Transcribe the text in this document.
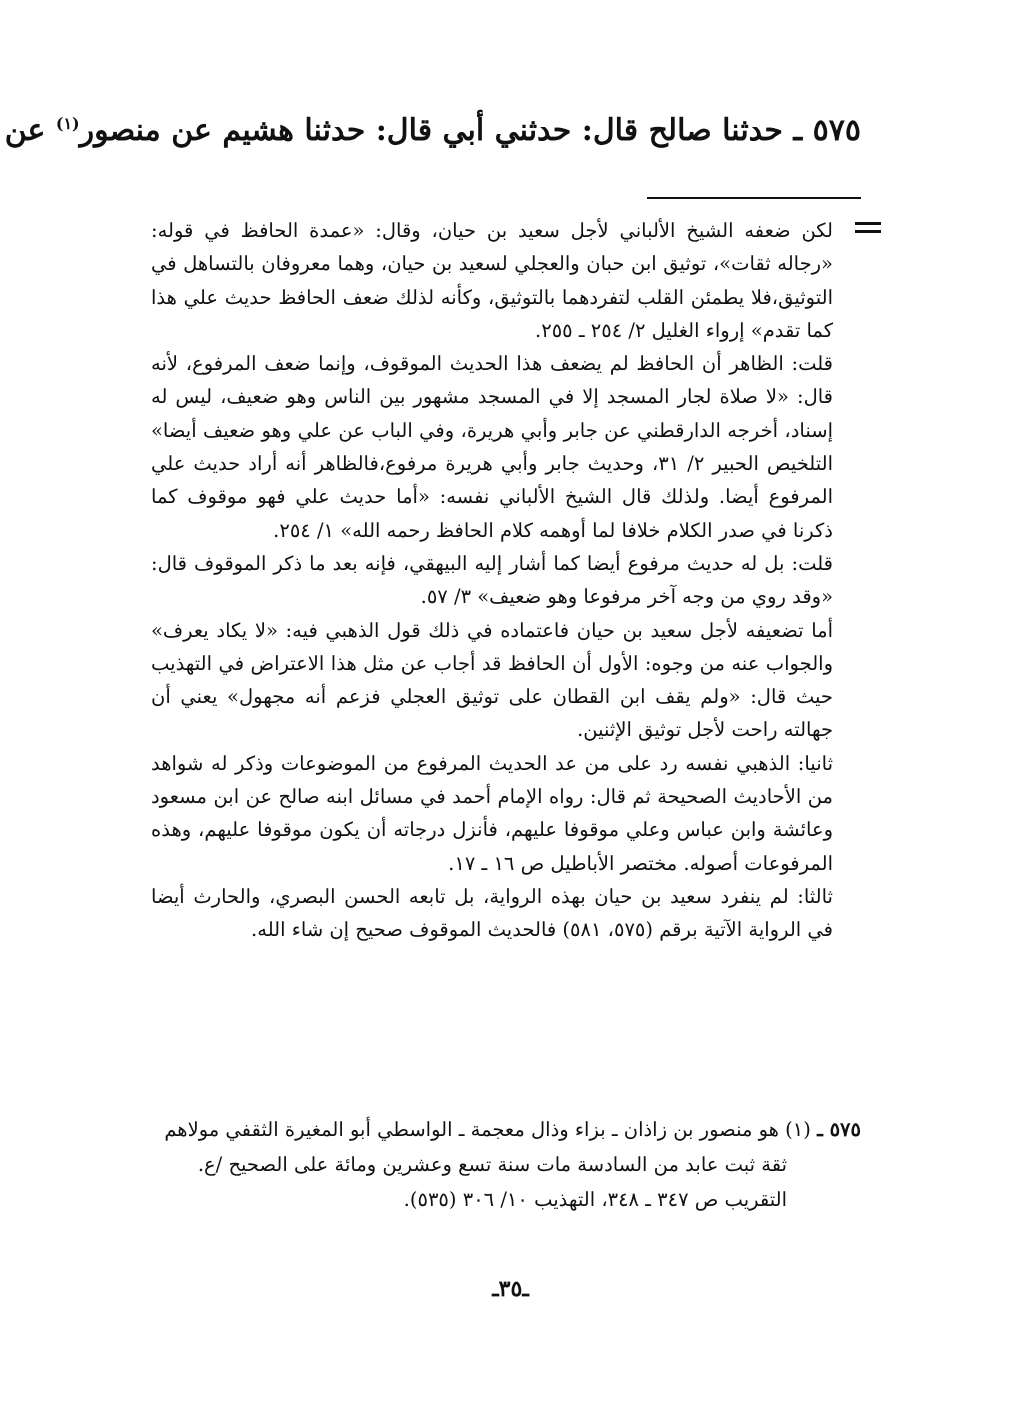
٥٧٥ ـ حدثنا صالح قال: حدثني أبي قال: حدثنا هشيم عن منصور$^{(١)}$ عن

لكن ضعفه الشيخ الألباني لأجل سعيد بن حيان، وقال: «عمدة الحافظ في قوله: «رجاله ثقات»، توثيق ابن حبان والعجلي لسعيد بن حيان، وهما معروفان بالتساهل في التوثيق،فلا يطمئن القلب لتفردهما بالتوثيق، وكأنه لذلك ضعف الحافظ حديث علي هذا كما تقدم» إرواء الغليل ٢/ ٢٥٤ ـ ٢٥٥.

قلت: الظاهر أن الحافظ لم يضعف هذا الحديث الموقوف، وإنما ضعف المرفوع، لأنه قال: «لا صلاة لجار المسجد إلا في المسجد مشهور بين الناس وهو ضعيف، ليس له إسناد، أخرجه الدارقطني عن جابر وأبي هريرة، وفي الباب عن علي وهو ضعيف أيضا» التلخيص الحبير ٢/ ٣١، وحديث جابر وأبي هريرة مرفوع،فالظاهر أنه أراد حديث علي المرفوع أيضا. ولذلك قال الشيخ الألباني نفسه: «أما حديث علي فهو موقوف كما ذكرنا في صدر الكلام خلافا لما أوهمه كلام الحافظ رحمه الله» ١/ ٢٥٤.

قلت: بل له حديث مرفوع أيضا كما أشار إليه البيهقي، فإنه بعد ما ذكر الموقوف قال: «وقد روي من وجه آخر مرفوعا وهو ضعيف» ٣/ ٥٧.

أما تضعيفه لأجل سعيد بن حيان فاعتماده في ذلك قول الذهبي فيه: «لا يكاد يعرف» والجواب عنه من وجوه: الأول أن الحافظ قد أجاب عن مثل هذا الاعتراض في التهذيب حيث قال: «ولم يقف ابن القطان على توثيق العجلي فزعم أنه مجهول» يعني أن جهالته راحت لأجل توثيق الإثنين.

ثانيا: الذهبي نفسه رد على من عد الحديث المرفوع من الموضوعات وذكر له شواهد من الأحاديث الصحيحة ثم قال: رواه الإمام أحمد في مسائل ابنه صالح عن ابن مسعود وعائشة وابن عباس وعلي موقوفا عليهم، فأنزل درجاته أن يكون موقوفا عليهم، وهذه المرفوعات أصوله. مختصر الأباطيل ص ١٦ ـ ١٧.

ثالثا: لم ينفرد سعيد بن حيان بهذه الرواية، بل تابعه الحسن البصري، والحارث أيضا في الرواية الآتية برقم (٥٧٥، ٥٨١) فالحديث الموقوف صحيح إن شاء الله.

٥٧٥ ـ (١) هو منصور بن زاذان ـ بزاء وذال معجمة ـ الواسطي أبو المغيرة الثقفي مولاهم
ثقة ثبت عابد من السادسة مات سنة تسع وعشرين ومائة على الصحيح /ع.
التقريب ص ٣٤٧ ـ ٣٤٨، التهذيب ١٠/ ٣٠٦ (٥٣٥).
ـ٣٥ـ
